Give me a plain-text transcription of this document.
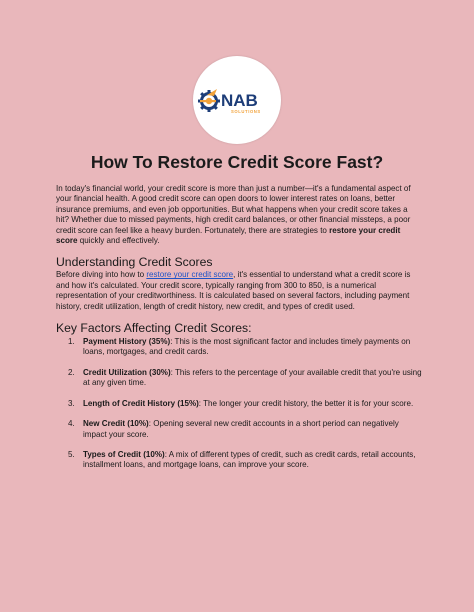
NAB
SOLUTIONS
How To Restore Credit Score Fast?

In today's financial world, your credit score is more than just a number—it's a fundamental aspect of your financial health. A good credit score can open doors to lower interest rates on loans, better insurance premiums, and even job opportunities. But what happens when your credit score takes a hit? Whether due to missed payments, high credit card balances, or other financial missteps, a poor credit score can feel like a heavy burden. Fortunately, there are strategies to restore your credit score quickly and effectively.

Understanding Credit Scores

Before diving into how to restore your credit score, it's essential to understand what a credit score is and how it's calculated. Your credit score, typically ranging from 300 to 850, is a numerical representation of your creditworthiness. It is calculated based on several factors, including payment history, credit utilization, length of credit history, new credit, and types of credit used.

Key Factors Affecting Credit Scores:
1. Payment History (35%): This is the most significant factor and includes timely payments on loans, mortgages, and credit cards.
2. Credit Utilization (30%): This refers to the percentage of your available credit that you're using at any given time.
3. Length of Credit History (15%): The longer your credit history, the better it is for your score.
4. New Credit (10%): Opening several new credit accounts in a short period can negatively impact your score.
5. Types of Credit (10%): A mix of different types of credit, such as credit cards, retail accounts, installment loans, and mortgage loans, can improve your score.
